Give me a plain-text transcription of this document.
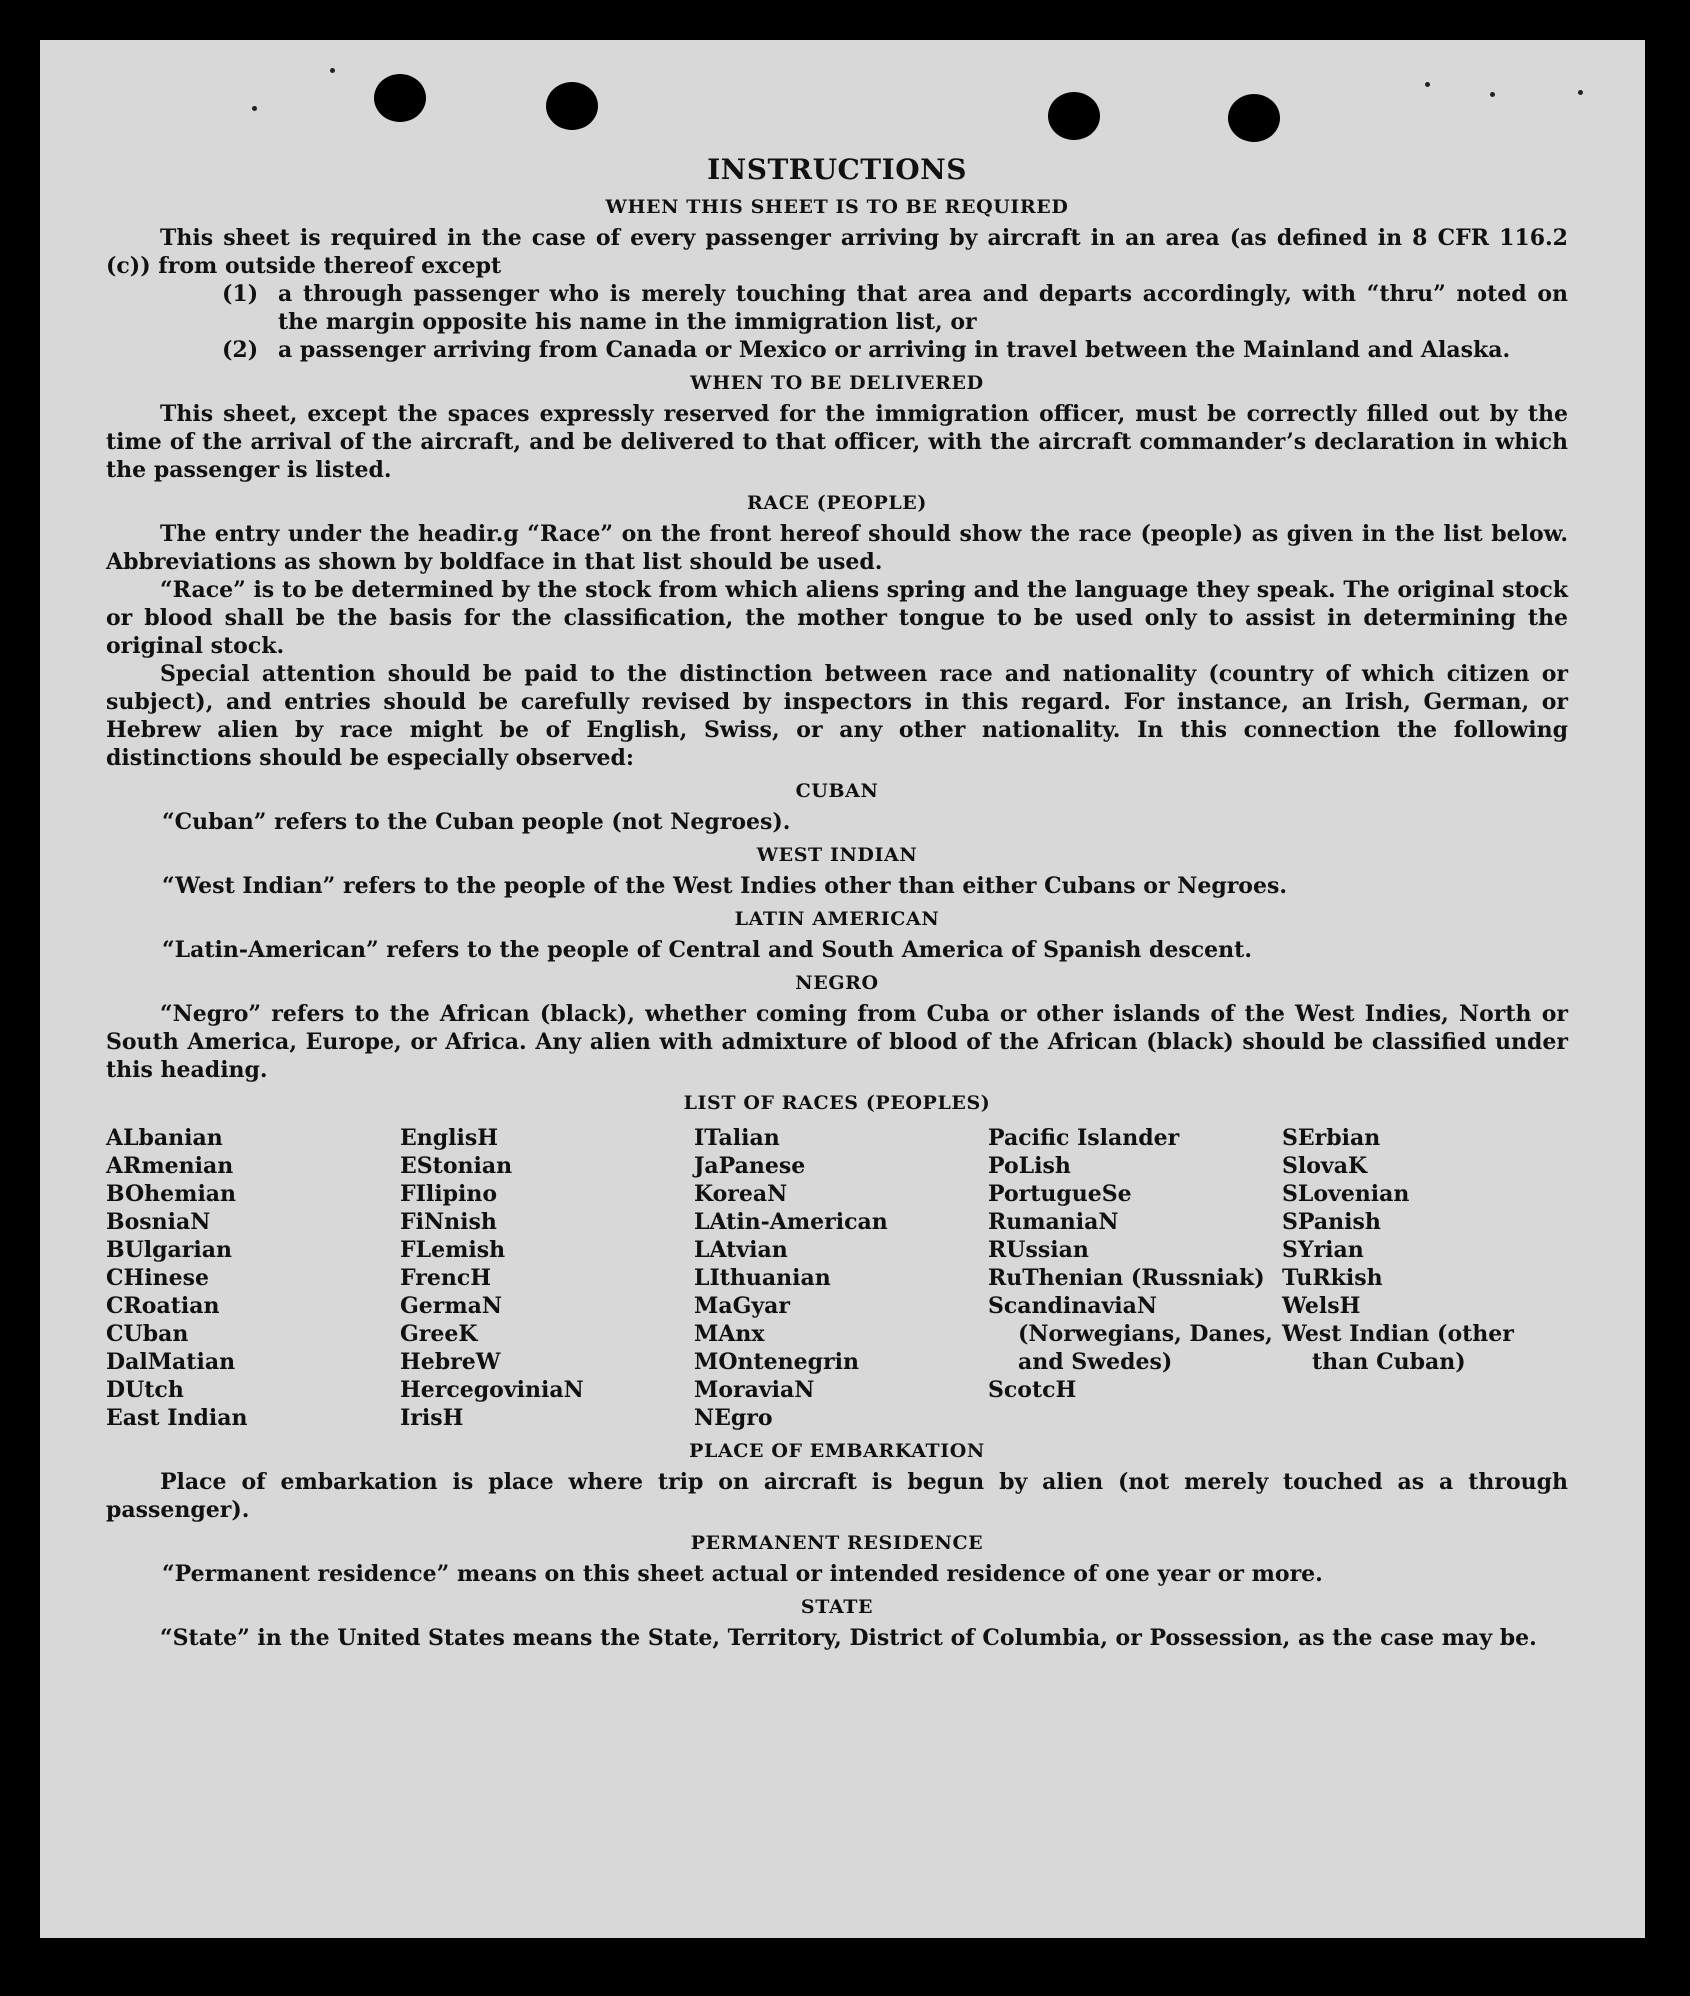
INSTRUCTIONS
WHEN THIS SHEET IS TO BE REQUIRED

This sheet is required in the case of every passenger arriving by aircraft in an area (as defined in 8 CFR 116.2 (c)) from outside thereof except

(1) a through passenger who is merely touching that area and departs accordingly, with “thru” noted on the margin opposite his name in the immigration list, or
(2) a passenger arriving from Canada or Mexico or arriving in travel between the Mainland and Alaska.
WHEN TO BE DELIVERED

This sheet, except the spaces expressly reserved for the immigration officer, must be correctly filled out by the time of the arrival of the aircraft, and be delivered to that officer, with the aircraft commander’s declaration in which the passenger is listed.

RACE (PEOPLE)

The entry under the headir.g “Race” on the front hereof should show the race (people) as given in the list below. Abbreviations as shown by boldface in that list should be used.

“Race” is to be determined by the stock from which aliens spring and the language they speak. The original stock or blood shall be the basis for the classification, the mother tongue to be used only to assist in determining the original stock.

Special attention should be paid to the distinction between race and nationality (country of which citizen or subject), and entries should be carefully revised by inspectors in this regard. For instance, an Irish, German, or Hebrew alien by race might be of English, Swiss, or any other nationality. In this connection the following distinctions should be especially observed:

CUBAN

“Cuban” refers to the Cuban people (not Negroes).

WEST INDIAN

“West Indian” refers to the people of the West Indies other than either Cubans or Negroes.

LATIN AMERICAN

“Latin-American” refers to the people of Central and South America of Spanish descent.

NEGRO

“Negro” refers to the African (black), whether coming from Cuba or other islands of the West Indies, North or South America, Europe, or Africa. Any alien with admixture of blood of the African (black) should be classified under this heading.

LIST OF RACES (PEOPLES)
ALbanian
ARmenian
BOhemian
BosniaN
BUlgarian
CHinese
CRoatian
CUban
DalMatian
DUtch
East Indian
EnglisH
EStonian
FIlipino
FiNnish
FLemish
FrencH
GermaN
GreeK
HebreW
HercegoviniaN
IrisH
ITalian
JaPanese
KoreaN
LAtin-American
LAtvian
LIthuanian
MaGyar
MAnx
MOntenegrin
MoraviaN
NEgro
Pacific Islander
PoLish
PortugueSe
RumaniaN
RUssian
RuThenian (Russniak)
ScandinaviaN (Norwegians, Danes, and Swedes)
ScotcH
SErbian
SlovaK
SLovenian
SPanish
SYrian
TuRkish
WelsH
West Indian (other than Cuban)
PLACE OF EMBARKATION

Place of embarkation is place where trip on aircraft is begun by alien (not merely touched as a through passenger).

PERMANENT RESIDENCE

“Permanent residence” means on this sheet actual or intended residence of one year or more.

STATE

“State” in the United States means the State, Territory, District of Columbia, or Possession, as the case may be.
